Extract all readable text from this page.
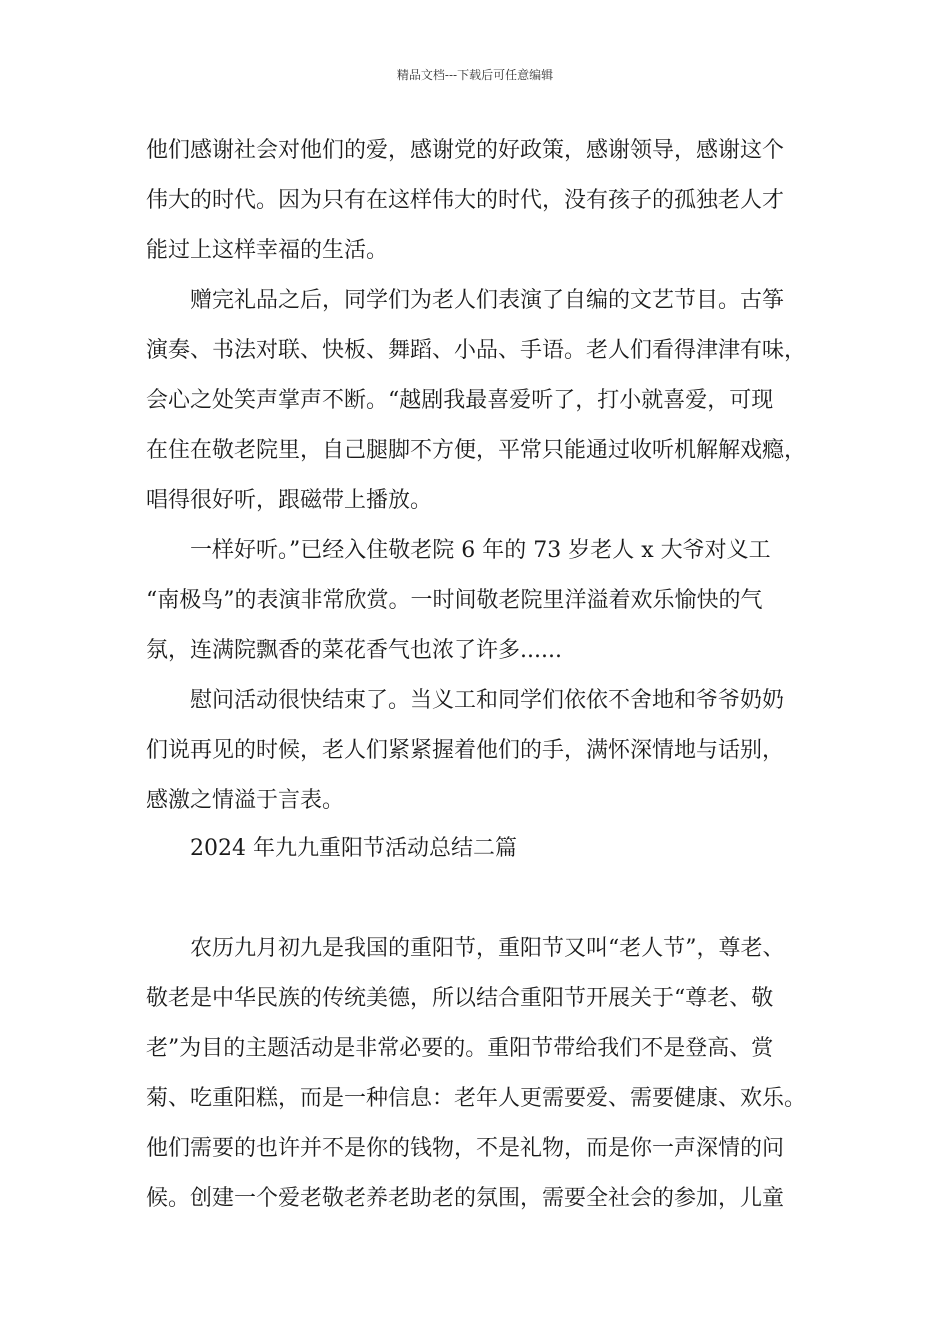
精品文档---下载后可任意编辑
他们感谢社会对他们的爱，感谢党的好政策，感谢领导，感谢这个
伟大的时代。因为只有在这样伟大的时代，没有孩子的孤独老人才
能过上这样幸福的生活。
赠完礼品之后，同学们为老人们表演了自编的文艺节目。古筝
演奏、书法对联、快板、舞蹈、小品、手语。老人们看得津津有味，
会心之处笑声掌声不断。“越剧我最喜爱听了，打小就喜爱，可现
在住在敬老院里，自己腿脚不方便，平常只能通过收听机解解戏瘾，
唱得很好听，跟磁带上播放。
一样好听。”已经入住敬老院 6 年的 73 岁老人 x 大爷对义工
“南极鸟”的表演非常欣赏。一时间敬老院里洋溢着欢乐愉快的气
氛，连满院飘香的菜花香气也浓了许多......
慰问活动很快结束了。当义工和同学们依依不舍地和爷爷奶奶
们说再见的时候，老人们紧紧握着他们的手，满怀深情地与话别，
感激之情溢于言表。
2024 年九九重阳节活动总结二篇
农历九月初九是我国的重阳节，重阳节又叫“老人节”，尊老、
敬老是中华民族的传统美德，所以结合重阳节开展关于“尊老、敬
老”为目的主题活动是非常必要的。重阳节带给我们不是登高、赏
菊、吃重阳糕，而是一种信息：老年人更需要爱、需要健康、欢乐。
他们需要的也许并不是你的钱物，不是礼物，而是你一声深情的问
候。创建一个爱老敬老养老助老的氛围，需要全社会的参加，儿童
